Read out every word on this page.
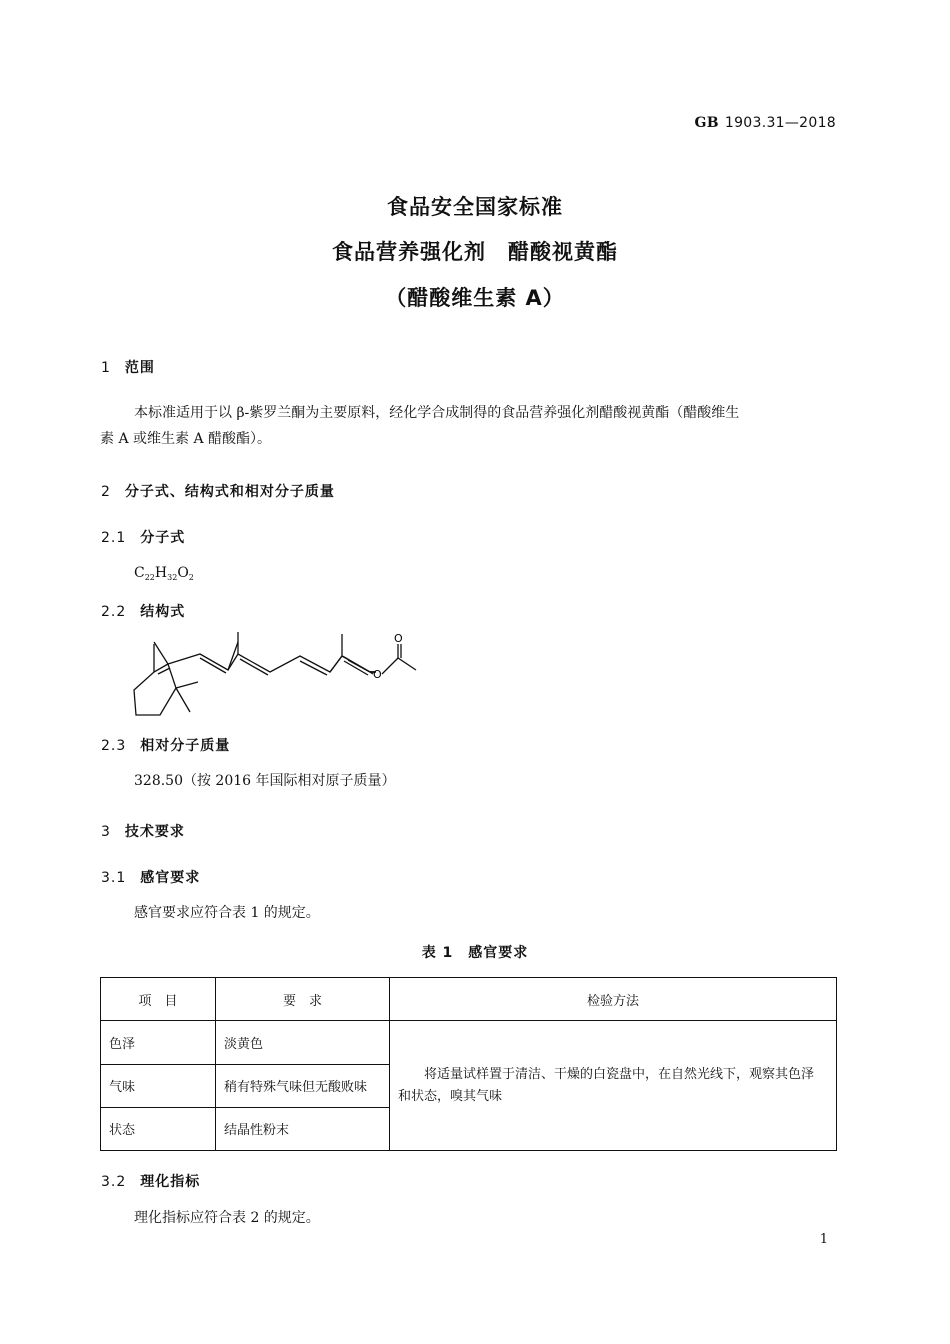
GB 1903.31—2018
食品安全国家标准
食品营养强化剂　醋酸视黄酯
（醋酸维生素 A）
1 范围
本标准适用于以 β-紫罗兰酮为主要原料，经化学合成制得的食品营养强化剂醋酸视黄酯（醋酸维生
素 A 或维生素 A 醋酸酯）。
2 分子式、结构式和相对分子质量
2.1 分子式
$C_{22}H_{32}O_2$
2.2 结构式
O
O
2.3 相对分子质量
328.50（按 2016 年国际相对原子质量）
3 技术要求
3.1 感官要求
感官要求应符合表 1 的规定。
表 1　感官要求
项　目	要　求	检验方法
色泽	淡黄色	将适量试样置于清洁、干燥的白瓷盘中，在自然光线下，观察其色泽
和状态，嗅其气味

气味	稍有特殊气味但无酸败味	
状态	结晶性粉末	
3.2 理化指标
理化指标应符合表 2 的规定。
1
